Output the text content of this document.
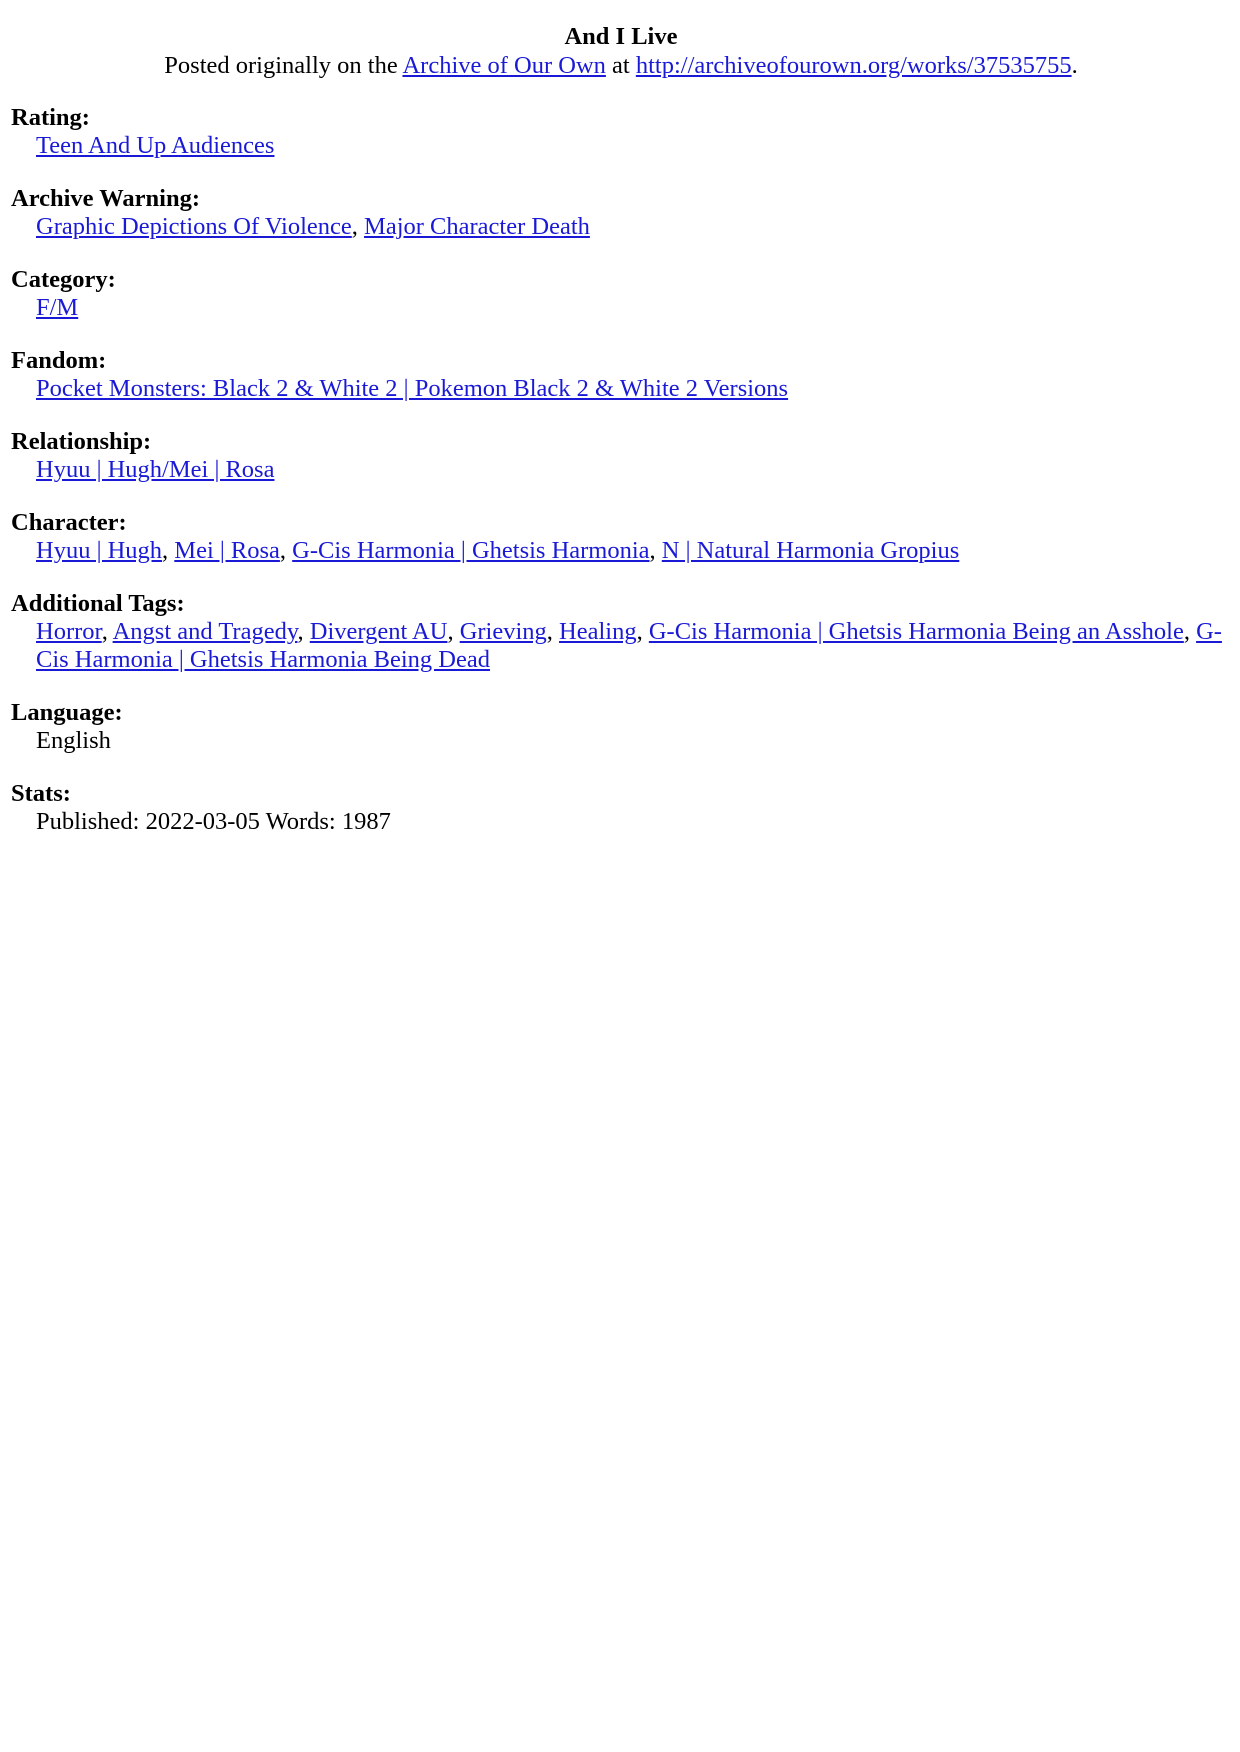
And I Live
Posted originally on the Archive of Our Own at http://archiveofourown.org/works/37535755.
Rating:
Teen And Up Audiences
Archive Warning:
Graphic Depictions Of Violence, Major Character Death
Category:
F/M
Fandom:
Pocket Monsters: Black 2 & White 2 | Pokemon Black 2 & White 2 Versions
Relationship:
Hyuu | Hugh/Mei | Rosa
Character:
Hyuu | Hugh, Mei | Rosa, G-Cis Harmonia | Ghetsis Harmonia, N | Natural Harmonia Gropius
Additional Tags:
Horror, Angst and Tragedy, Divergent AU, Grieving, Healing, G-Cis Harmonia | Ghetsis Harmonia Being an Asshole, G-Cis Harmonia | Ghetsis Harmonia Being Dead
Language:
English
Stats:
Published: 2022-03-05 Words: 1987
